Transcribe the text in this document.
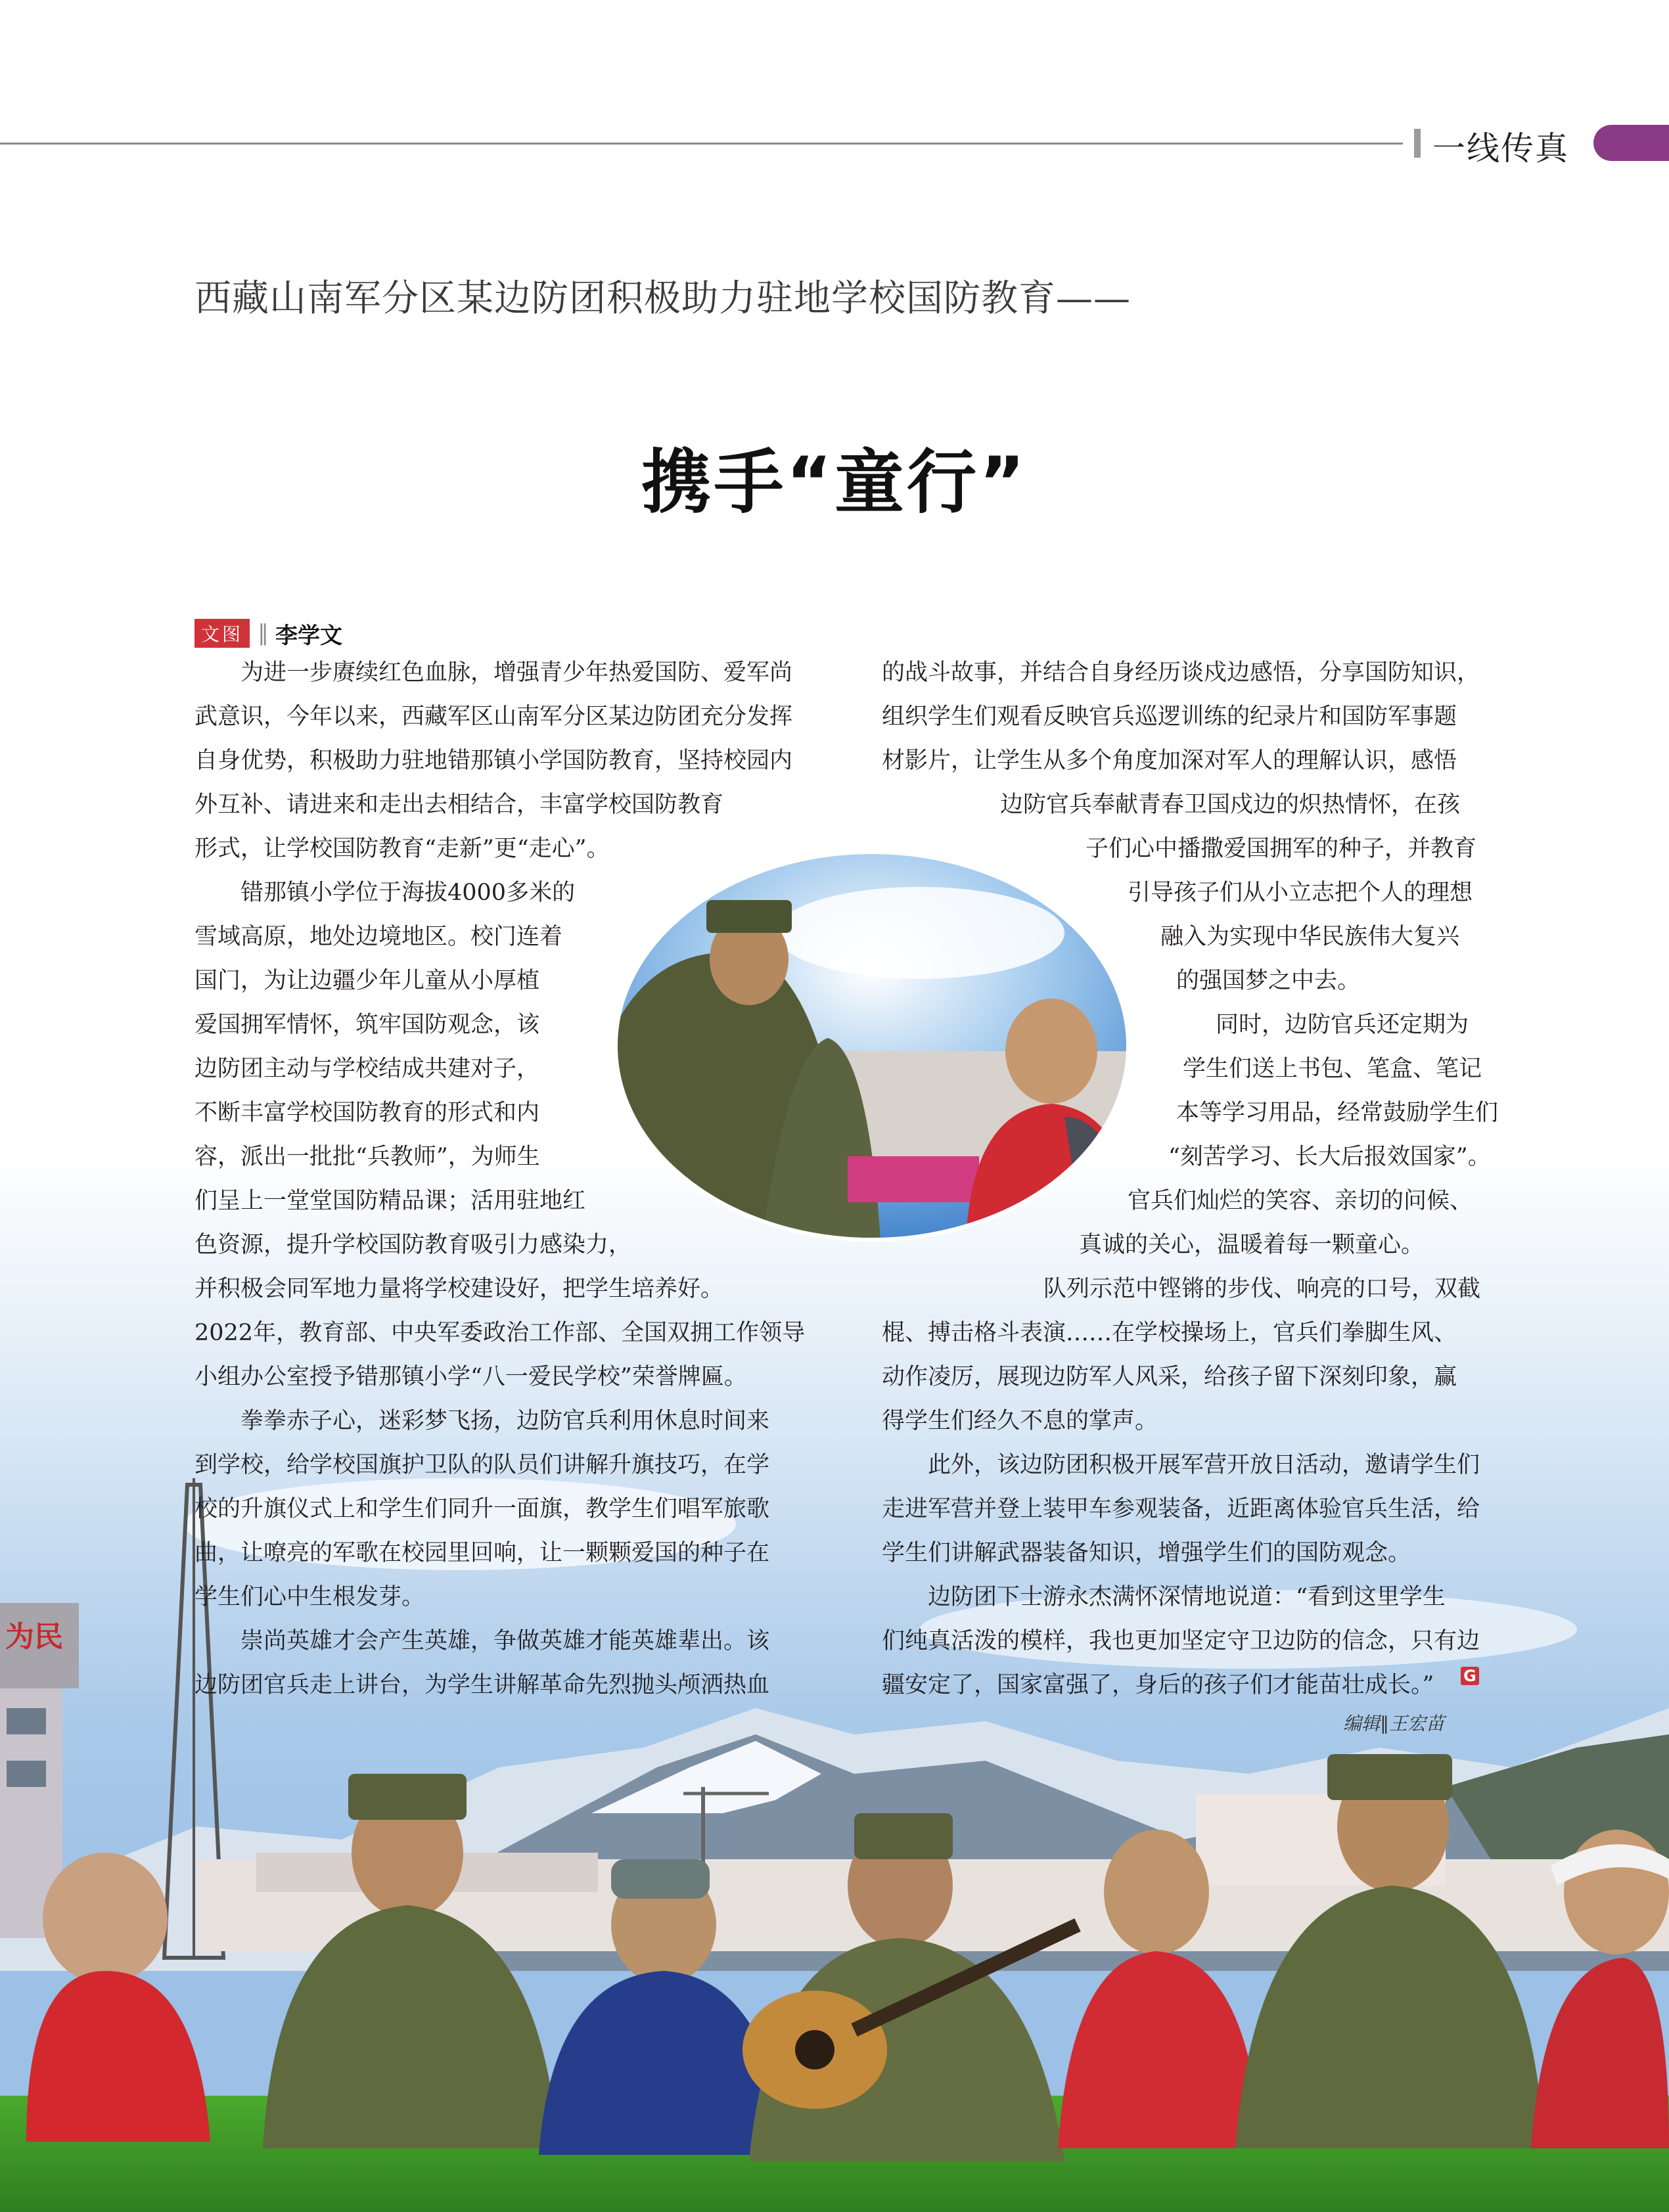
一线传真
西藏山南军分区某边防团积极助力驻地学校国防教育——
携手“童行”
文图 ∥ 李学文
　　为进一步赓续红色血脉，增强青少年热爱国防、爱军尚
武意识，今年以来，西藏军区山南军分区某边防团充分发挥
自身优势，积极助力驻地错那镇小学国防教育，坚持校园内
外互补、请进来和走出去相结合，丰富学校国防教育
形式，让学校国防教育“走新”更“走心”。
　　错那镇小学位于海拔4000多米的
雪域高原，地处边境地区。校门连着
国门，为让边疆少年儿童从小厚植
爱国拥军情怀，筑牢国防观念，该
边防团主动与学校结成共建对子，
不断丰富学校国防教育的形式和内
容，派出一批批“兵教师”，为师生
们呈上一堂堂国防精品课；活用驻地红
色资源，提升学校国防教育吸引力感染力，
并积极会同军地力量将学校建设好，把学生培养好。
2022年，教育部、中央军委政治工作部、全国双拥工作领导
小组办公室授予错那镇小学“八一爱民学校”荣誉牌匾。
　　拳拳赤子心，迷彩梦飞扬，边防官兵利用休息时间来
到学校，给学校国旗护卫队的队员们讲解升旗技巧，在学
校的升旗仪式上和学生们同升一面旗，教学生们唱军旅歌
曲，让嘹亮的军歌在校园里回响，让一颗颗爱国的种子在
学生们心中生根发芽。
　　崇尚英雄才会产生英雄，争做英雄才能英雄辈出。该
边防团官兵走上讲台，为学生讲解革命先烈抛头颅洒热血
的战斗故事，并结合自身经历谈戍边感悟，分享国防知识，
组织学生们观看反映官兵巡逻训练的纪录片和国防军事题
材影片，让学生从多个角度加深对军人的理解认识，感悟
边防官兵奉献青春卫国戍边的炽热情怀，在孩
子们心中播撒爱国拥军的种子，并教育
引导孩子们从小立志把个人的理想
融入为实现中华民族伟大复兴
的强国梦之中去。
同时，边防官兵还定期为
学生们送上书包、笔盒、笔记
本等学习用品，经常鼓励学生们
“刻苦学习、长大后报效国家”。
官兵们灿烂的笑容、亲切的问候、
真诚的关心，温暖着每一颗童心。
队列示范中铿锵的步伐、响亮的口号，双截
棍、搏击格斗表演……在学校操场上，官兵们拳脚生风、
动作凌厉，展现边防军人风采，给孩子留下深刻印象，赢
得学生们经久不息的掌声。
　　此外，该边防团积极开展军营开放日活动，邀请学生们
走进军营并登上装甲车参观装备，近距离体验官兵生活，给
学生们讲解武器装备知识，增强学生们的国防观念。
　　边防团下士游永杰满怀深情地说道：“看到这里学生
们纯真活泼的模样，我也更加坚定守卫边防的信念，只有边
疆安定了，国家富强了，身后的孩子们才能苗壮成长。” G
编辑∥王宏苗
为民
